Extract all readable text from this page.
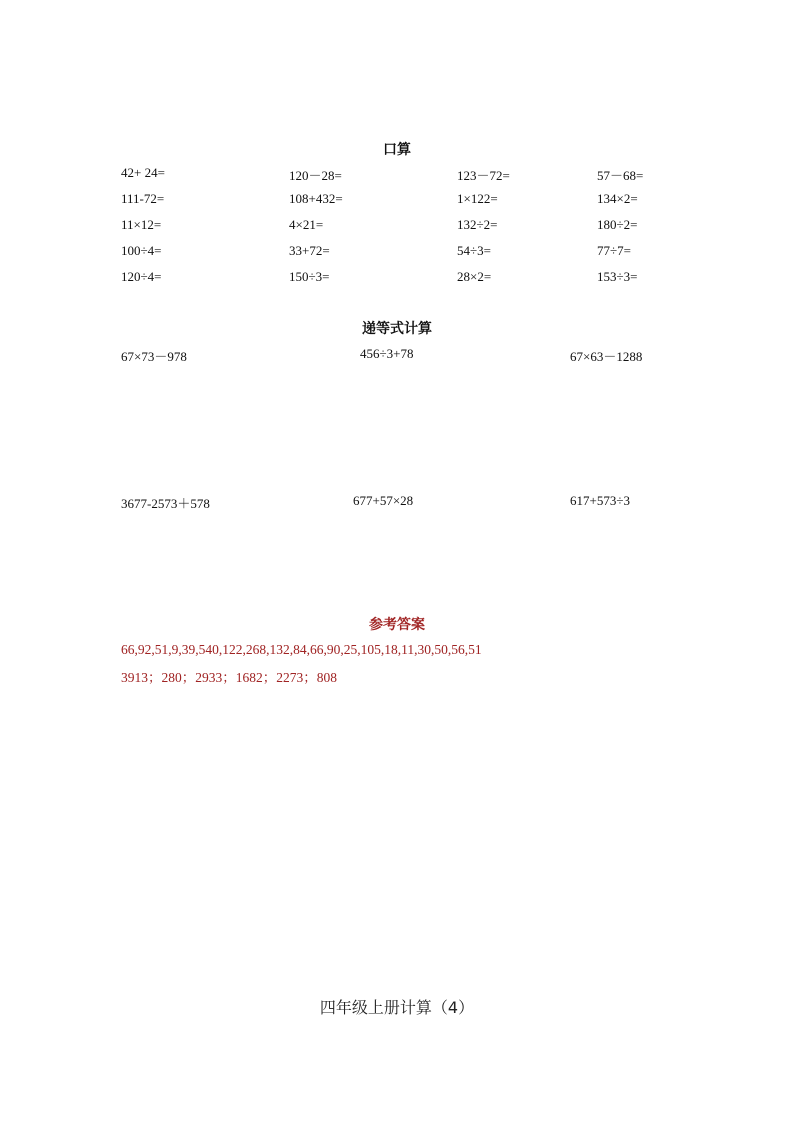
口算
42+ 24=	120－28=	123－72=	57－68=
111-72=	108+432=	1×122=	134×2=
11×12=	4×21=	132÷2=	180÷2=
100÷4=	33+72=	54÷3=	77÷7=
120÷4=	150÷3=	28×2=	153÷3=
递等式计算
67×73－978	456÷3+78	67×63－1288
3677-2573＋578	677+57×28	617+573÷3
参考答案
66,92,51,9,39,540,122,268,132,84,66,90,25,105,18,11,30,50,56,51
3913；280；2933；1682；2273；808
四年级上册计算（4）
